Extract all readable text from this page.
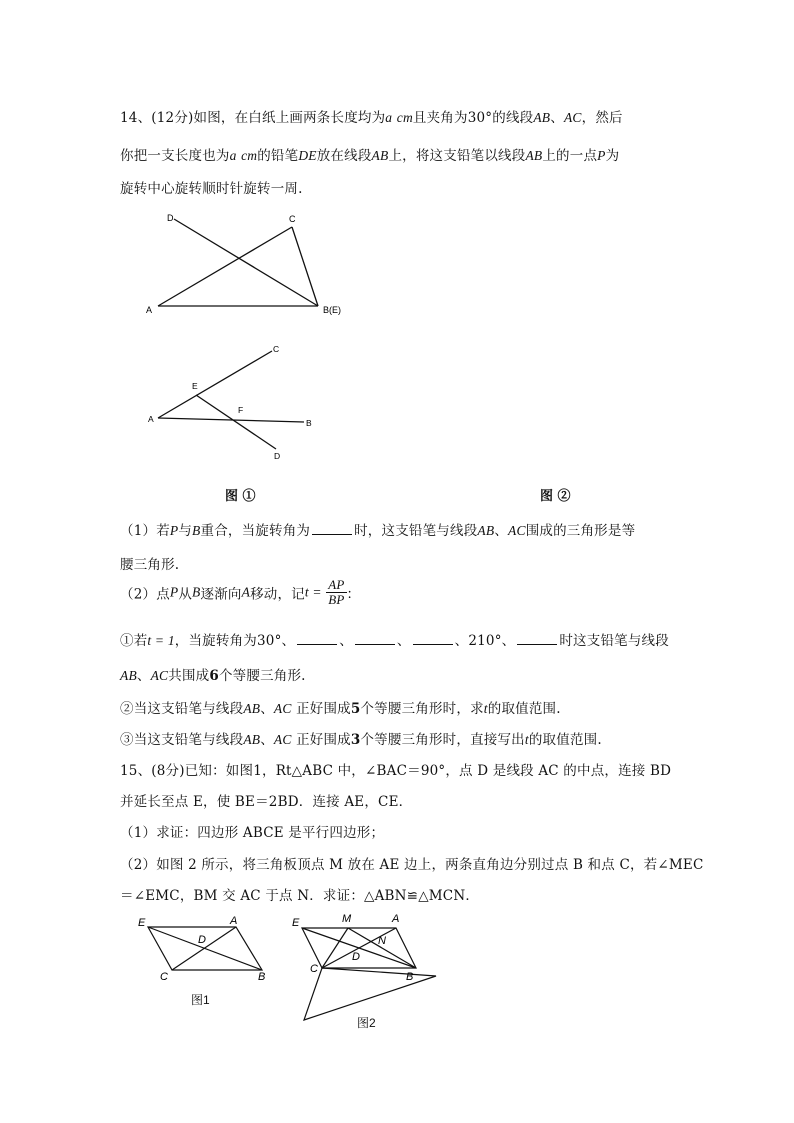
14、(12分)如图，在白纸上画两条长度均为a cm且夹角为30°的线段AB、AC，然后
你把一支长度也为a cm的铅笔DE放在线段AB上，将这支铅笔以线段AB上的一点P为
旋转中心旋转顺时针旋转一周.
D	C
A	B(E)
C
E
F
A	B
D
图 ①	图 ②
（1）若P与B重合，当旋转角为	时，这支铅笔与线段AB、AC围成的三角形是等
腰三角形.
（2）点P从B逐渐向A移动，记$t = \frac{AP}{BP}$ ：
①若t = 1，当旋转角为30°、	、	、	、210°、	时这支铅笔与线段
AB、AC共围成6个等腰三角形.
②当这支铅笔与线段AB、AC 正好围成5个等腰三角形时，求t的取值范围.
③当这支铅笔与线段AB、AC 正好围成3个等腰三角形时，直接写出t的取值范围.
15、(8分)已知：如图1，Rt△ABC 中，∠BAC＝90°，点 D 是线段 AC 的中点，连接 BD
并延长至点 E，使 BE＝2BD．连接 AE，CE．
（1）求证：四边形 ABCE 是平行四边形；
（2）如图 2 所示，将三角板顶点 M 放在 AE 边上，两条直角边分别过点 B 和点 C，若∠MEC
＝∠EMC，BM 交 AC 于点 N．求证：△ABN≌△MCN．
E	A
D
C	B
图1
E	M	A
N
C
D
B
图2
